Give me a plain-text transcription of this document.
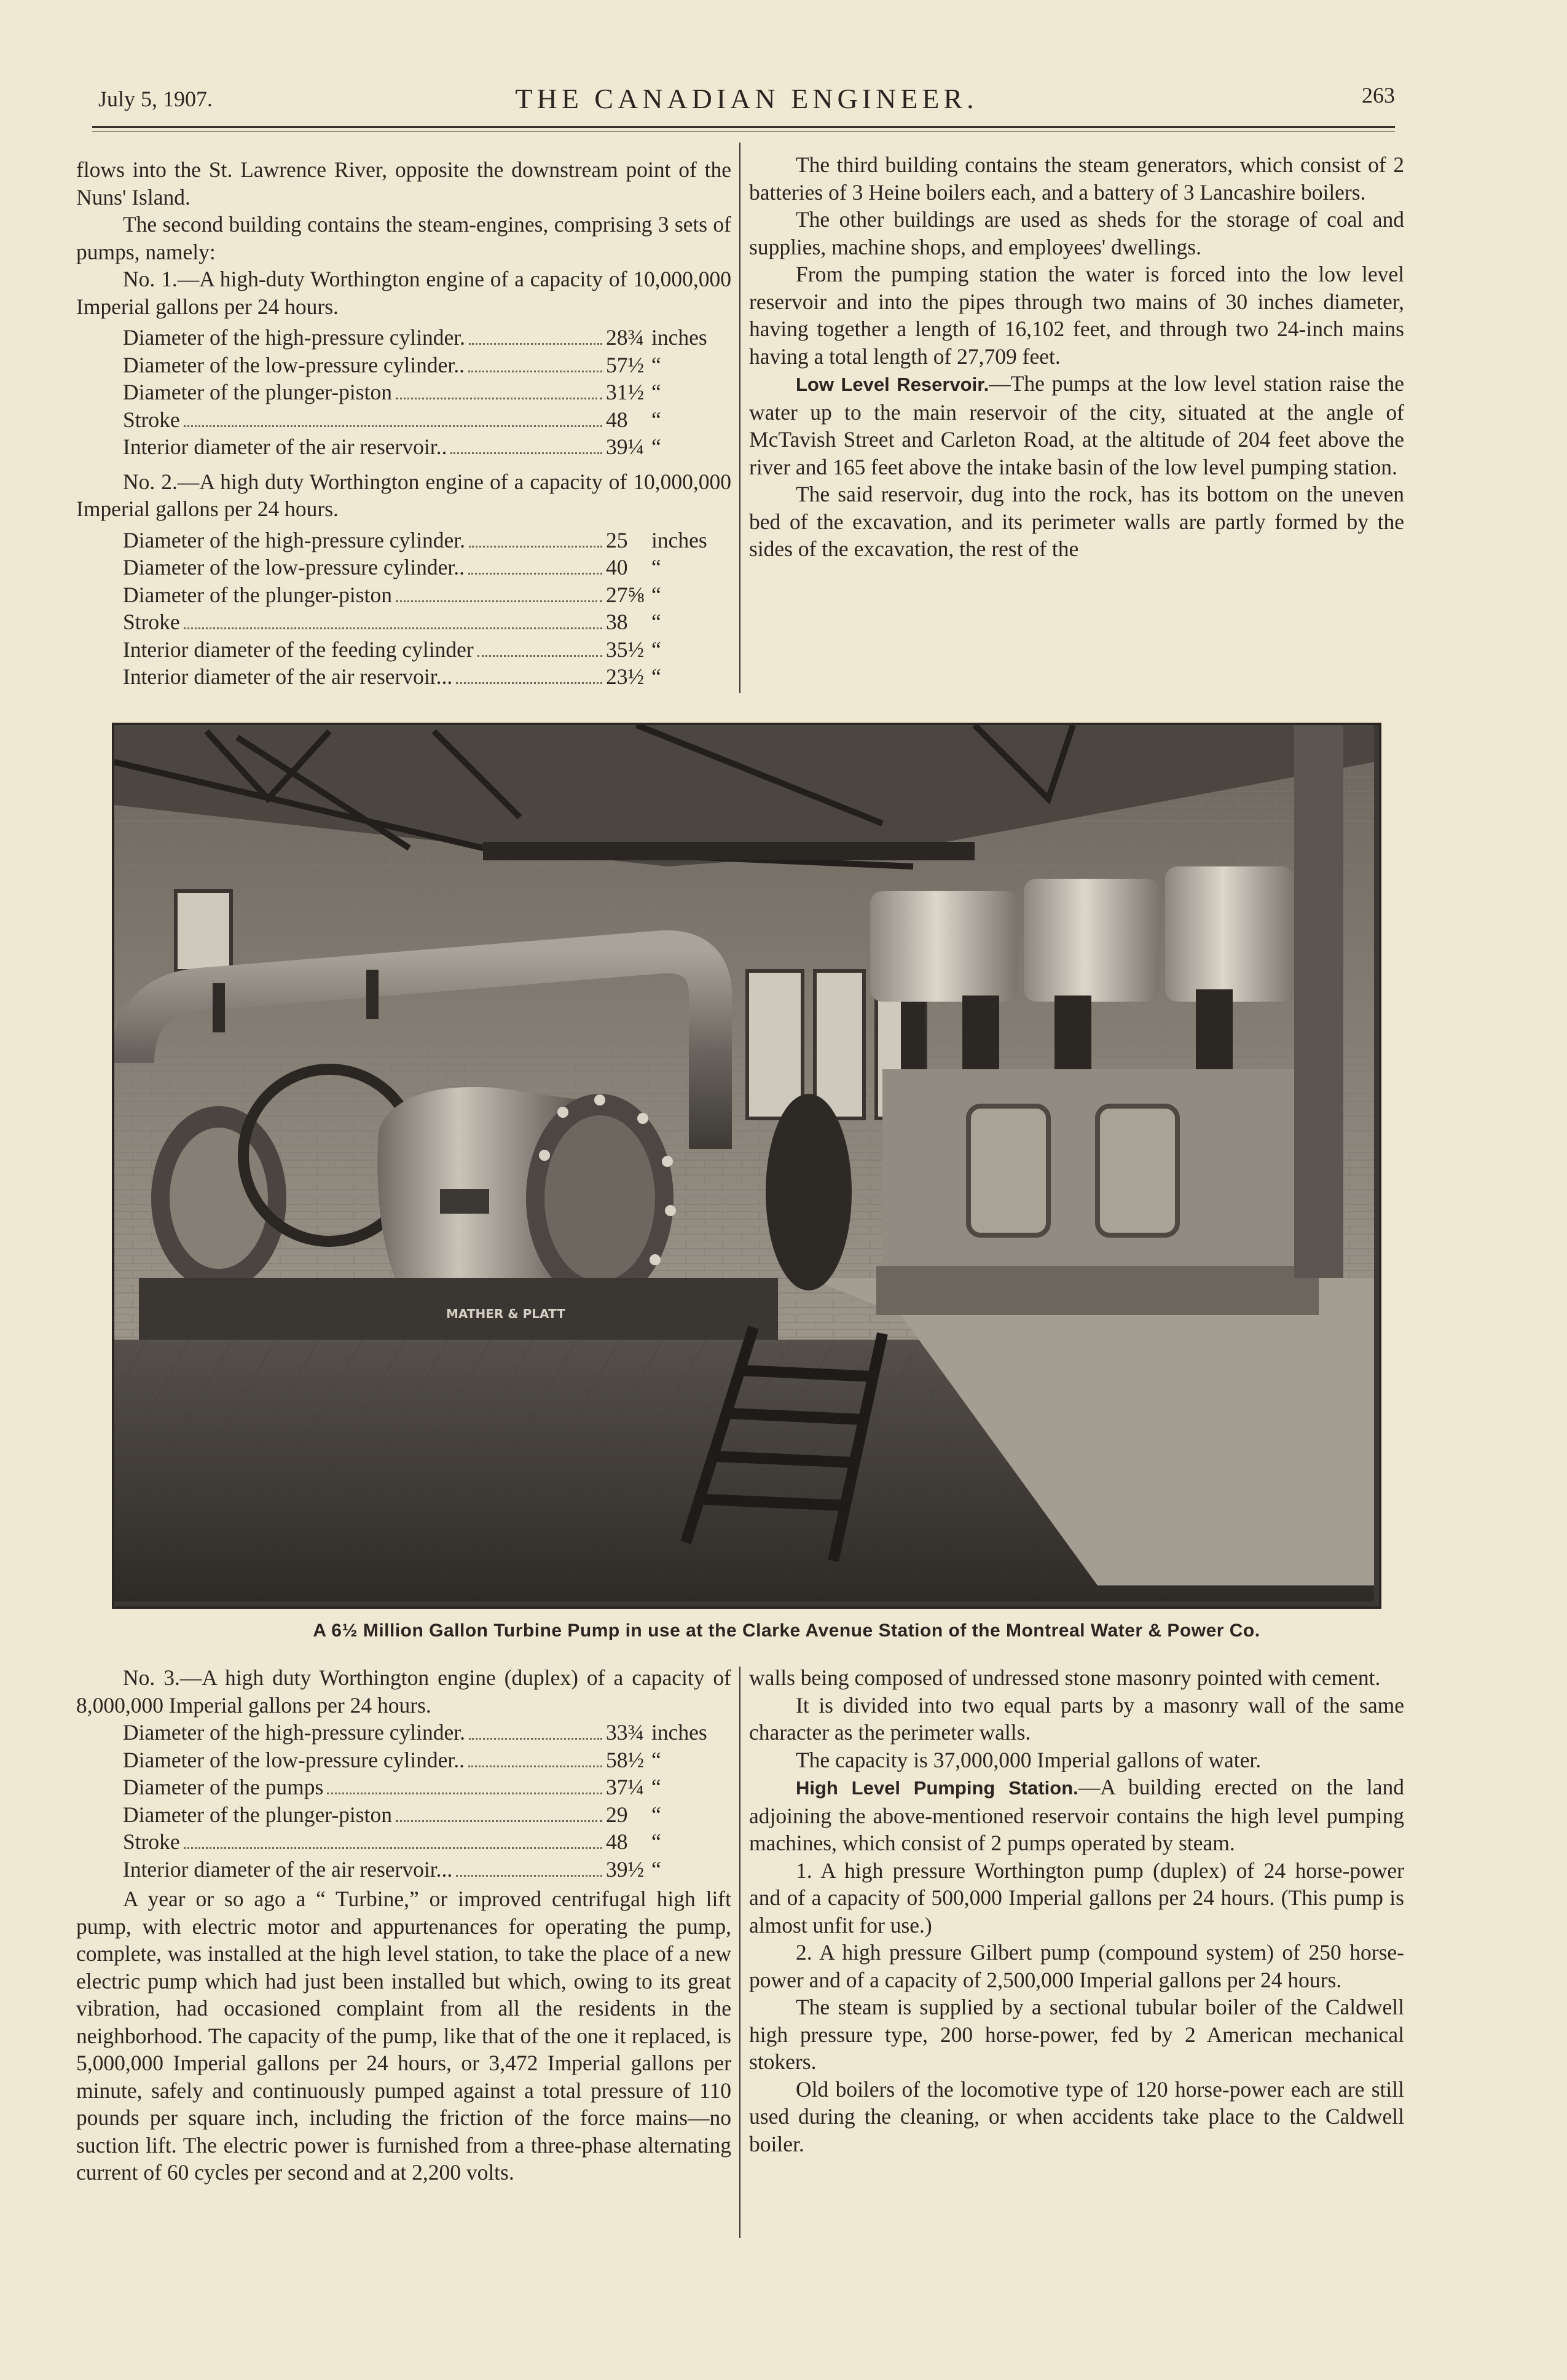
July 5, 1907.	THE CANADIAN ENGINEER.	263

flows into the St. Lawrence River, opposite the downstream point of the Nuns' Island.

The second building contains the steam-engines, comprising 3 sets of pumps, namely:

No. 1.—A high-duty Worthington engine of a capacity of 10,000,000 Imperial gallons per 24 hours.

Diameter of the high-pressure cylinder.	28¾ inches
Diameter of the low-pressure cylinder..	57½ “
Diameter of the plunger-piston	31½ “
Stroke	48	“
Interior diameter of the air reservoir..	39¼ “

No. 2.—A high duty Worthington engine of a capacity of 10,000,000 Imperial gallons per 24 hours.

Diameter of the high-pressure cylinder.	25	inches
Diameter of the low-pressure cylinder..	40	“
Diameter of the plunger-piston	27⅝ “
Stroke	38	“
Interior diameter of the feeding cylinder	35½ “
Interior diameter of the air reservoir...	23½ “

The third building contains the steam generators, which consist of 2 batteries of 3 Heine boilers each, and a battery of 3 Lancashire boilers.

The other buildings are used as sheds for the storage of coal and supplies, machine shops, and employees' dwellings.

From the pumping station the water is forced into the low level reservoir and into the pipes through two mains of 30 inches diameter, having together a length of 16,102 feet, and through two 24-inch mains having a total length of 27,709 feet.

Low Level Reservoir.—The pumps at the low level station raise the water up to the main reservoir of the city, situated at the angle of McTavish Street and Carleton Road, at the altitude of 204 feet above the river and 165 feet above the intake basin of the low level pumping station.

The said reservoir, dug into the rock, has its bottom on the uneven bed of the excavation, and its perimeter walls are partly formed by the sides of the excavation, the rest of the

MATHER & PLATT
A 6½ Million Gallon Turbine Pump in use at the Clarke Avenue Station of the Montreal Water & Power Co.

No. 3.—A high duty Worthington engine (duplex) of a capacity of 8,000,000 Imperial gallons per 24 hours.

Diameter of the high-pressure cylinder.	33¾ inches
Diameter of the low-pressure cylinder..	58½ “
Diameter of the pumps	37¼ “
Diameter of the plunger-piston	29	“
Stroke	48	“
Interior diameter of the air reservoir...	39½ “

A year or so ago a “ Turbine,” or improved centrifugal high lift pump, with electric motor and appurtenances for operating the pump, complete, was installed at the high level station, to take the place of a new electric pump which had just been installed but which, owing to its great vibration, had occasioned complaint from all the residents in the neighborhood. The capacity of the pump, like that of the one it replaced, is 5,000,000 Imperial gallons per 24 hours, or 3,472 Imperial gallons per minute, safely and continuously pumped against a total pressure of 110 pounds per square inch, including the friction of the force mains—no suction lift. The electric power is furnished from a three-phase alternating current of 60 cycles per second and at 2,200 volts.

walls being composed of undressed stone masonry pointed with cement.

It is divided into two equal parts by a masonry wall of the same character as the perimeter walls.

The capacity is 37,000,000 Imperial gallons of water.

High Level Pumping Station.—A building erected on the land adjoining the above-mentioned reservoir contains the high level pumping machines, which consist of 2 pumps operated by steam.

1. A high pressure Worthington pump (duplex) of 24 horse-power and of a capacity of 500,000 Imperial gallons per 24 hours. (This pump is almost unfit for use.)

2. A high pressure Gilbert pump (compound system) of 250 horse-power and of a capacity of 2,500,000 Imperial gallons per 24 hours.

The steam is supplied by a sectional tubular boiler of the Caldwell high pressure type, 200 horse-power, fed by 2 American mechanical stokers.

Old boilers of the locomotive type of 120 horse-power each are still used during the cleaning, or when accidents take place to the Caldwell boiler.
